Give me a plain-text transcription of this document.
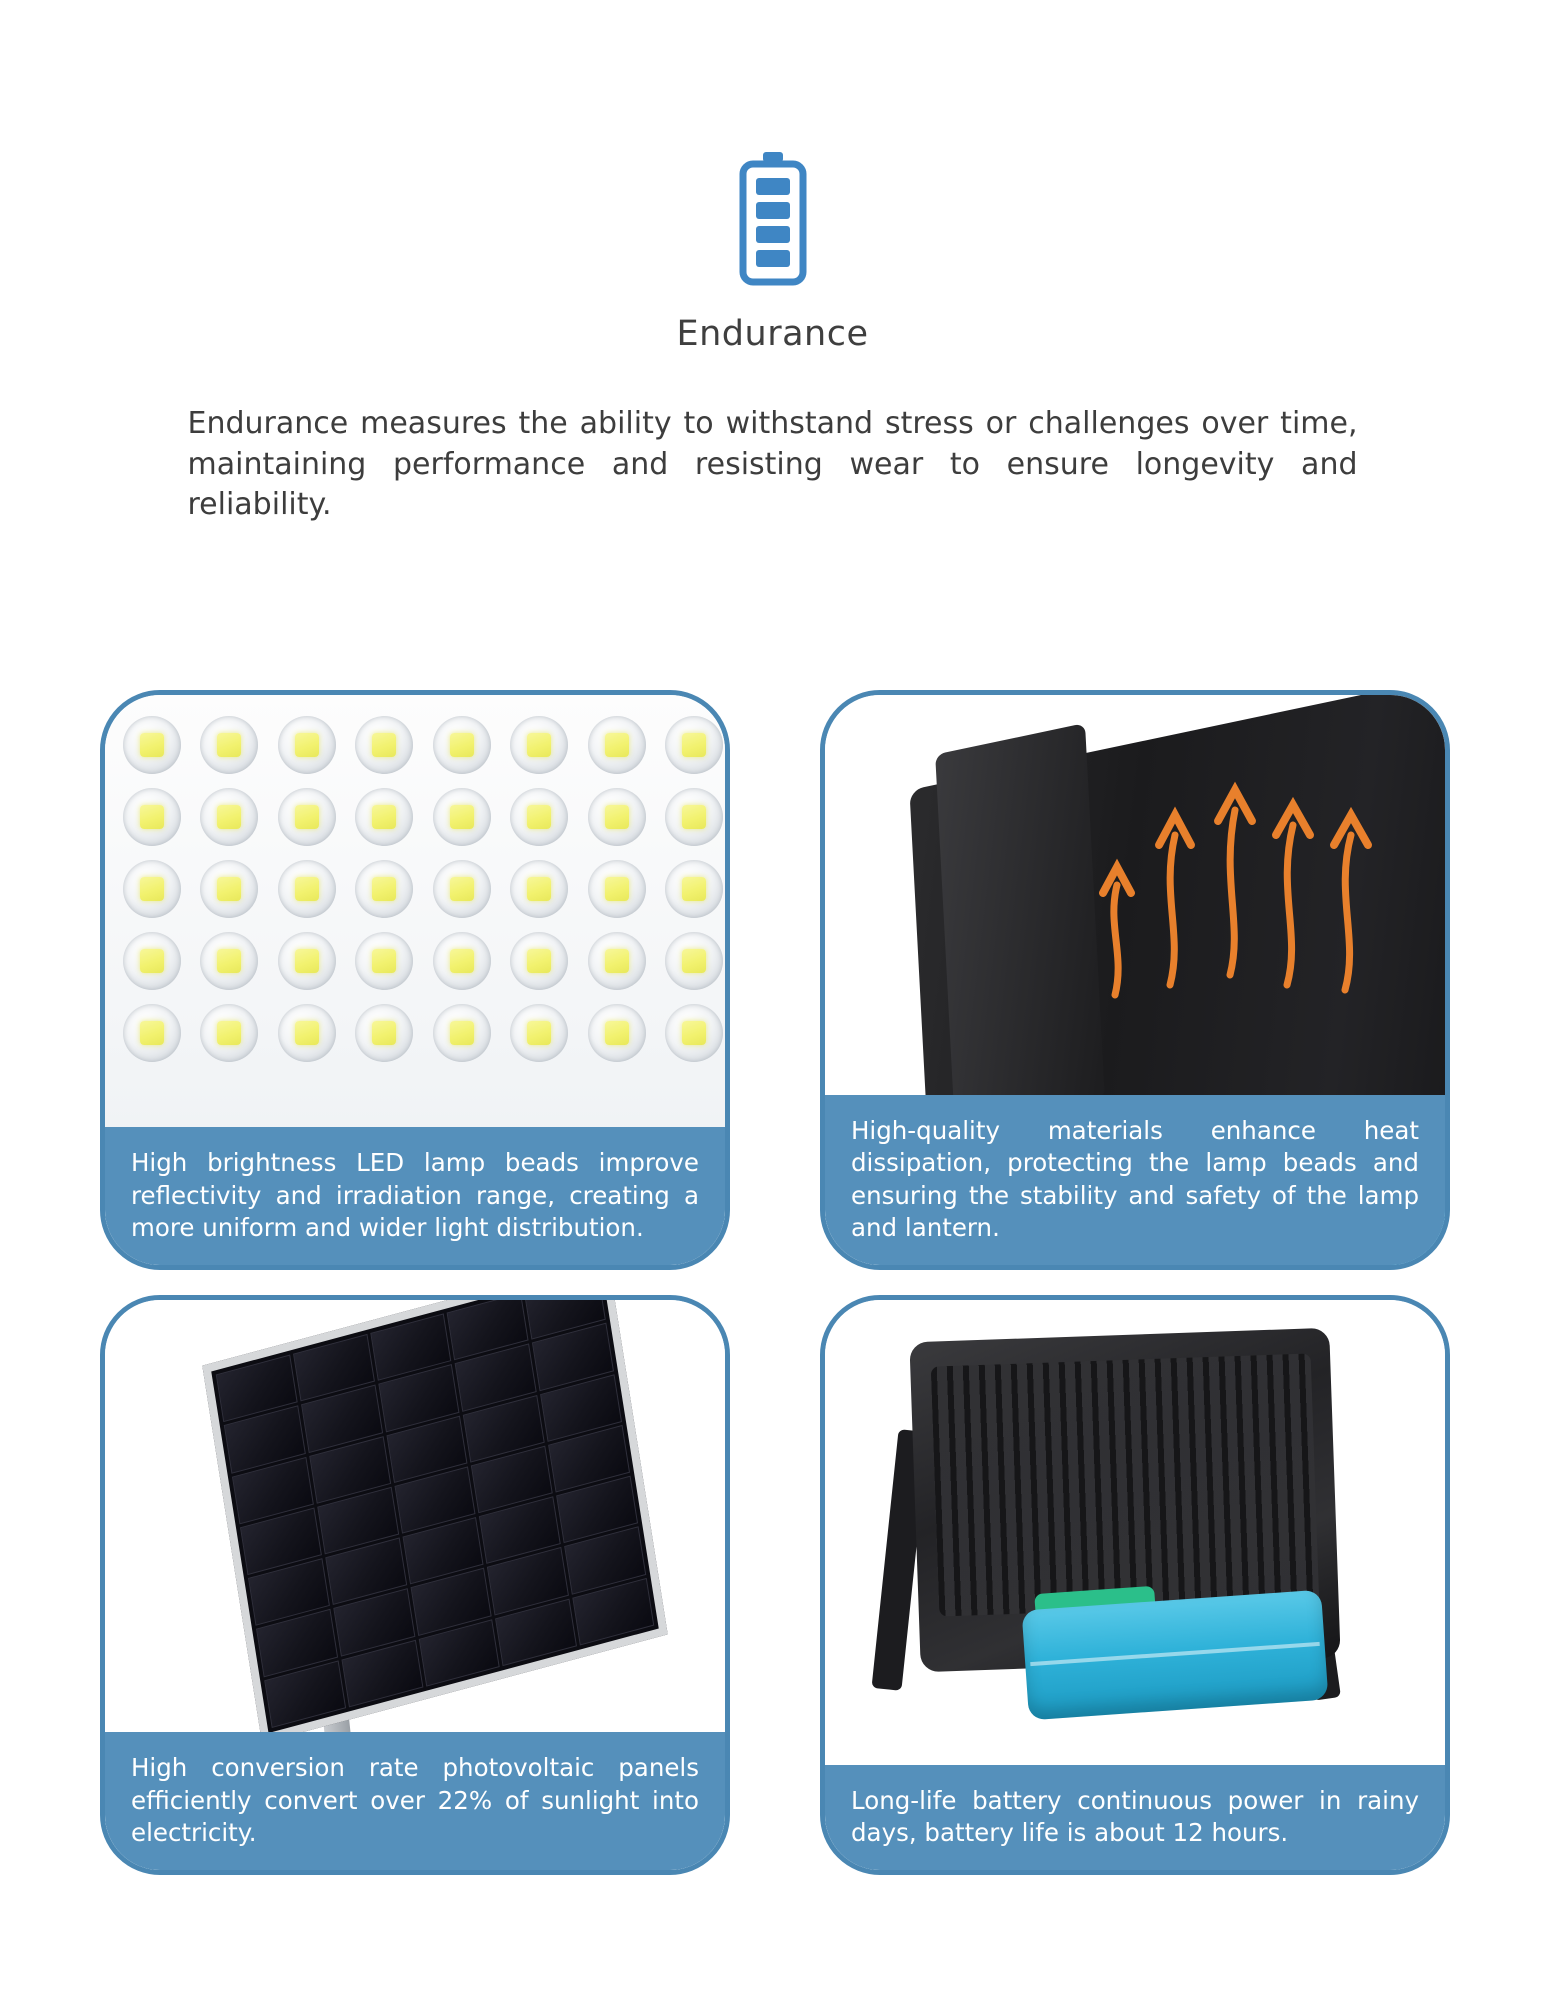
Endurance

Endurance measures the ability to withstand stress or challenges over time, maintaining performance and resisting wear to ensure longevity and reliability.

High brightness LED lamp beads improve reflectivity and irradiation range, creating a more uniform and wider light distribution.
High-quality materials enhance heat dissipation, protecting the lamp beads and ensuring the stability and safety of the lamp and lantern.
High conversion rate photovoltaic panels efficiently convert over 22% of sunlight into electricity.
Long-life battery continuous power in rainy days, battery life is about 12 hours.
